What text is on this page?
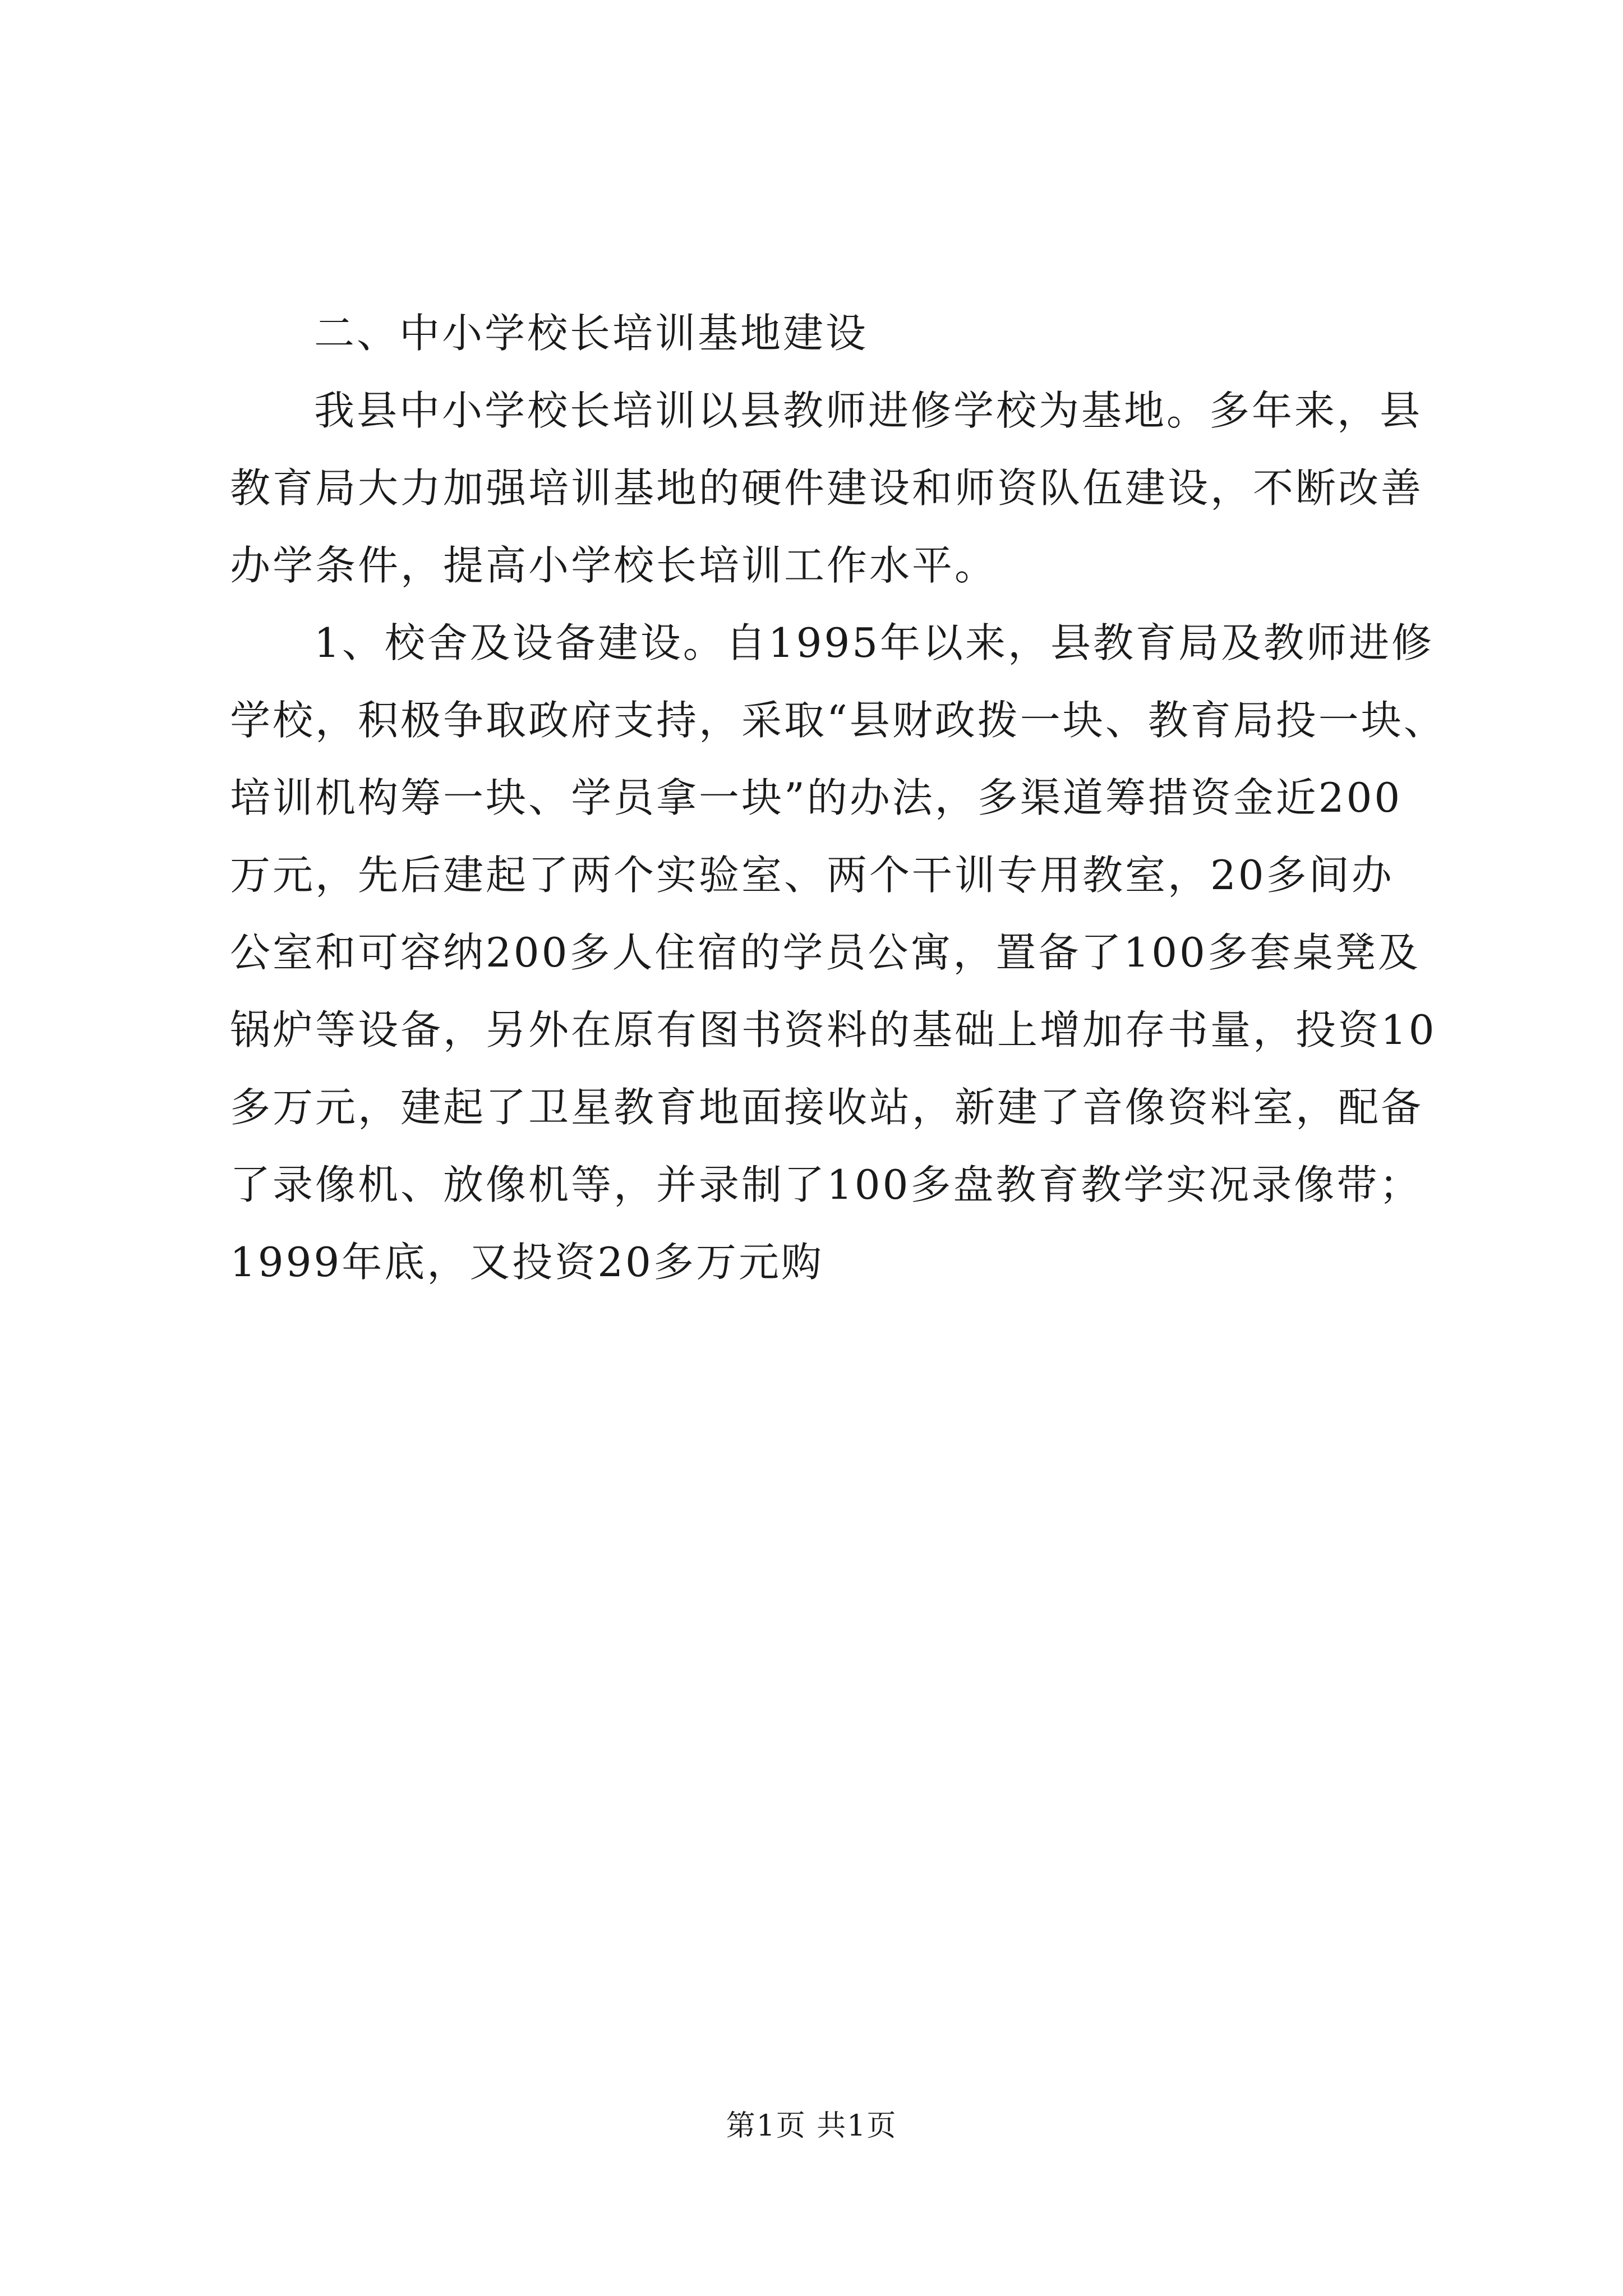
二、中小学校长培训基地建设
我县中小学校长培训以县教师进修学校为基地。多年来，县
教育局大力加强培训基地的硬件建设和师资队伍建设，不断改善
办学条件，提高小学校长培训工作水平。
1、校舍及设备建设。自1995年以来，县教育局及教师进修
学校，积极争取政府支持，采取“县财政拨一块、教育局投一块、
培训机构筹一块、学员拿一块”的办法，多渠道筹措资金近200
万元，先后建起了两个实验室、两个干训专用教室，20多间办
公室和可容纳200多人住宿的学员公寓，置备了100多套桌凳及
锅炉等设备，另外在原有图书资料的基础上增加存书量，投资10
多万元，建起了卫星教育地面接收站，新建了音像资料室，配备
了录像机、放像机等，并录制了100多盘教育教学实况录像带；
1999年底，又投资20多万元购
第1页 共1页
